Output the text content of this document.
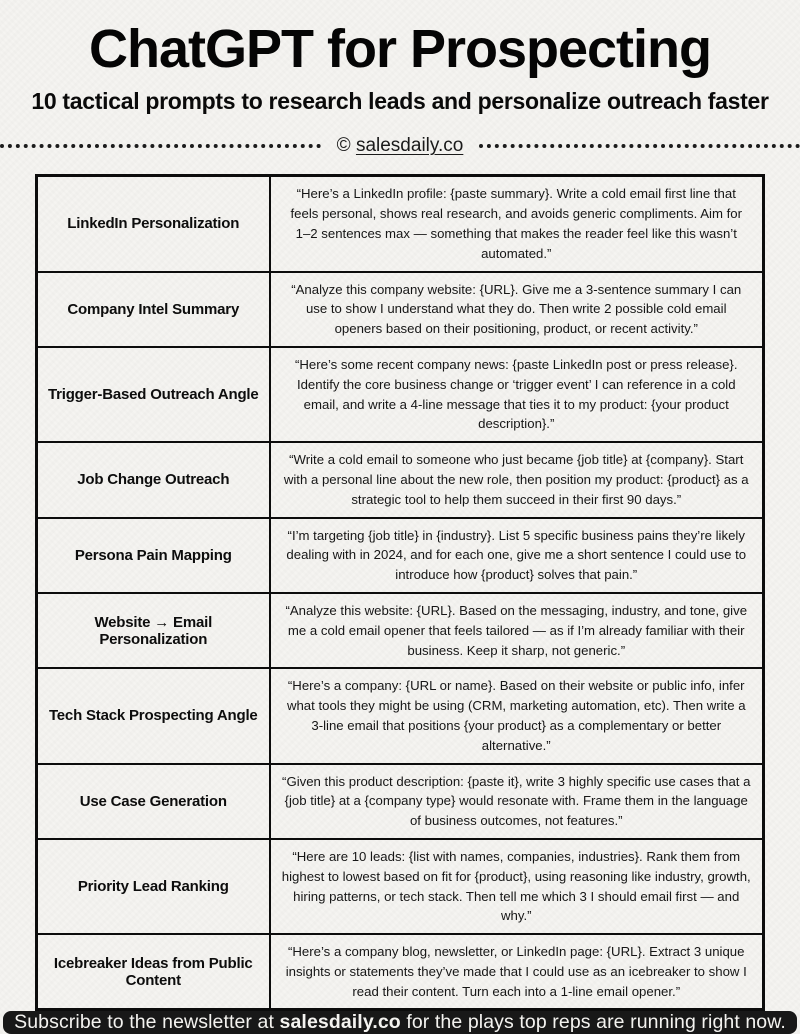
ChatGPT for Prospecting
10 tactical prompts to research leads and personalize outreach faster
© salesdaily.co
LinkedIn Personalization	“Here’s a LinkedIn profile: {paste summary}. Write a cold email first line that feels personal, shows real research, and avoids generic compliments. Aim for 1–2 sentences max — something that makes the reader feel like this wasn’t automated.”
Company Intel Summary	“Analyze this company website: {URL}. Give me a 3-sentence summary I can use to show I understand what they do. Then write 2 possible cold email openers based on their positioning, product, or recent activity.”
Trigger-Based Outreach Angle	“Here’s some recent company news: {paste LinkedIn post or press release}. Identify the core business change or ‘trigger event’ I can reference in a cold email, and write a 4-line message that ties it to my product: {your product description}.”
Job Change Outreach	“Write a cold email to someone who just became {job title} at {company}. Start with a personal line about the new role, then position my product: {product} as a strategic tool to help them succeed in their first 90 days.”
Persona Pain Mapping	“I’m targeting {job title} in {industry}. List 5 specific business pains they’re likely dealing with in 2024, and for each one, give me a short sentence I could use to introduce how {product} solves that pain.”
Website → Email Personalization	“Analyze this website: {URL}. Based on the messaging, industry, and tone, give me a cold email opener that feels tailored — as if I’m already familiar with their business. Keep it sharp, not generic.”
Tech Stack Prospecting Angle	“Here’s a company: {URL or name}. Based on their website or public info, infer what tools they might be using (CRM, marketing automation, etc). Then write a 3-line email that positions {your product} as a complementary or better alternative.”
Use Case Generation	“Given this product description: {paste it}, write 3 highly specific use cases that a {job title} at a {company type} would resonate with. Frame them in the language of business outcomes, not features.”
Priority Lead Ranking	“Here are 10 leads: {list with names, companies, industries}. Rank them from highest to lowest based on fit for {product}, using reasoning like industry, growth, hiring patterns, or tech stack. Then tell me which 3 I should email first — and why.”
Icebreaker Ideas from Public Content	“Here’s a company blog, newsletter, or LinkedIn page: {URL}. Extract 3 unique insights or statements they’ve made that I could use as an icebreaker to show I read their content. Turn each into a 1-line email opener.”
Subscribe to the newsletter at
salesdaily.co
for the plays top reps are running right now.
